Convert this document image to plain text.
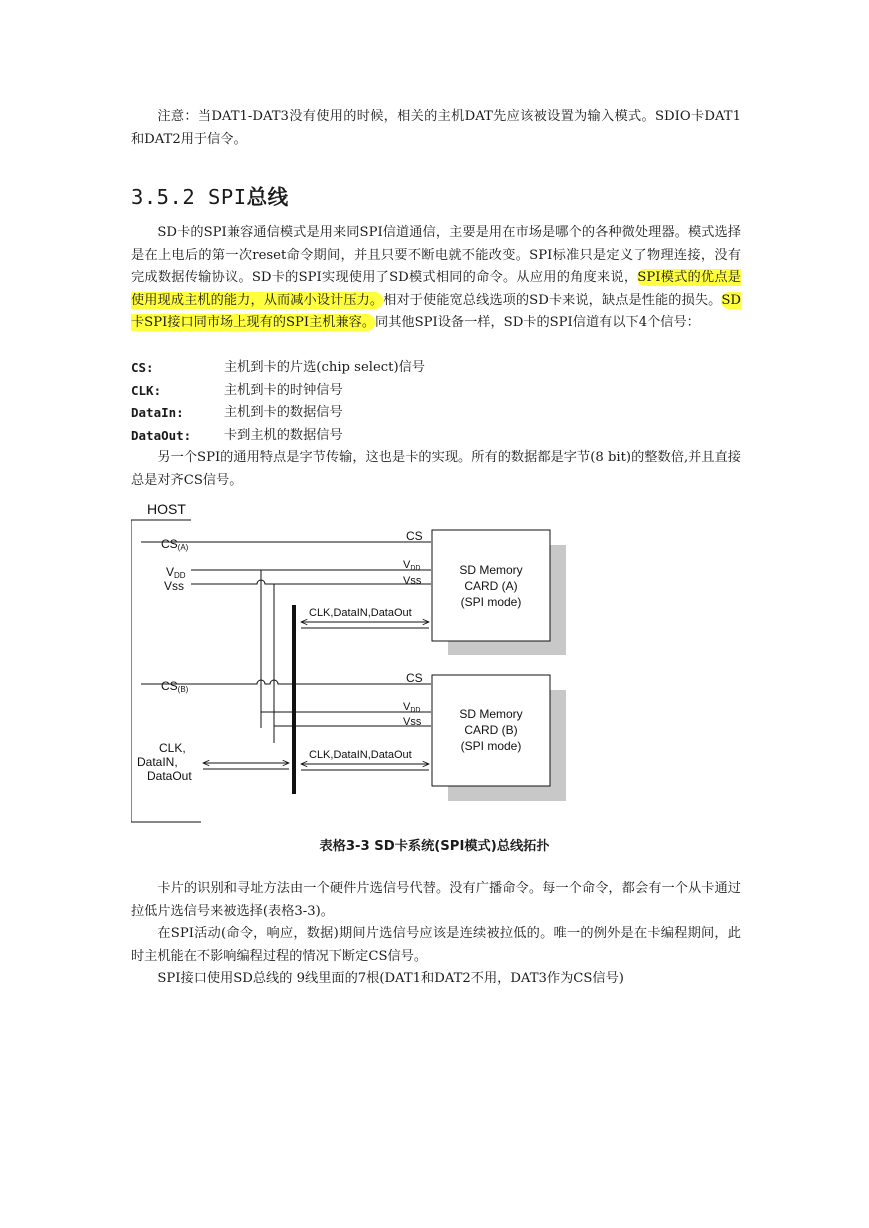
注意：当DAT1-DAT3没有使用的时候，相关的主机DAT先应该被设置为输入模式。SDIO卡DAT1和DAT2用于信令。

3.5.2 SPI总线

SD卡的SPI兼容通信模式是用来同SPI信道通信，主要是用在市场是哪个的各种微处理器。模式选择是在上电后的第一次reset命令期间，并且只要不断电就不能改变。SPI标准只是定义了物理连接，没有完成数据传输协议。SD卡的SPI实现使用了SD模式相同的命令。从应用的角度来说，SPI模式的优点是使用现成主机的能力，从而减小设计压力。相对于使能宽总线选项的SD卡来说，缺点是性能的损失。SD卡SPI接口同市场上现有的SPI主机兼容。同其他SPI设备一样，SD卡的SPI信道有以下4个信号：

CS:	主机到卡的片选(chip select)信号
CLK:	主机到卡的时钟信号
DataIn:	主机到卡的数据信号
DataOut: 卡到主机的数据信号

另一个SPI的通用特点是字节传输，这也是卡的实现。所有的数据都是字节(8 bit)的整数倍,并且直接总是对齐CS信号。

HOST
CS(A)
VDD
Vss
CS(B)
CLK,
DataIN,
DataOut
CS
VDD
Vss
CLK,DataIN,DataOut
SD Memory
CARD (A)
(SPI mode)
CS
VDD
Vss
CLK,DataIN,DataOut
SD Memory
CARD (B)
(SPI mode)
表格3-3 SD卡系统(SPI模式)总线拓扑

卡片的识别和寻址方法由一个硬件片选信号代替。没有广播命令。每一个命令，都会有一个从卡通过拉低片选信号来被选择(表格3-3)。

在SPI活动(命令，响应，数据)期间片选信号应该是连续被拉低的。唯一的例外是在卡编程期间，此时主机能在不影响编程过程的情况下断定CS信号。

SPI接口使用SD总线的 9线里面的7根(DAT1和DAT2不用，DAT3作为CS信号)
